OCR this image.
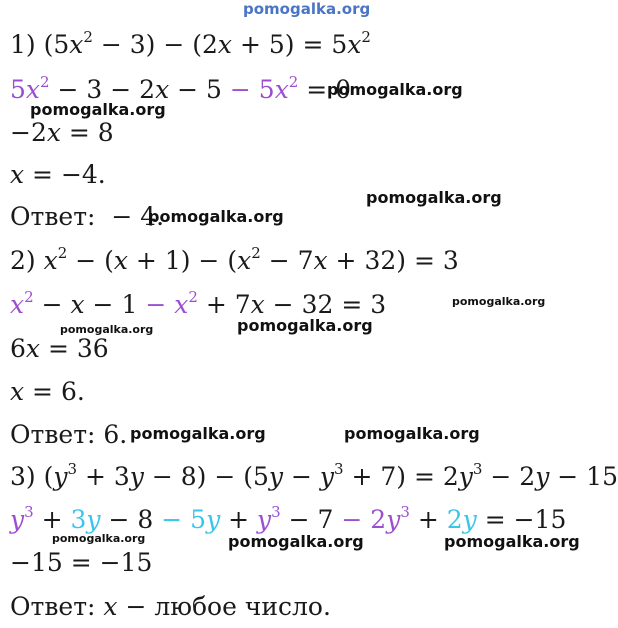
pomogalka.org
1) $(5x^2 - 3) - (2x + 5) = 5x^2$
$5x^2 - 3 - 2x - 5 - 5x^2 = 0$
−2x = 8
x = −4.
Ответ:  − 4.
2) $x^2 - (x + 1) - (x^2 - 7x + 32) = 3$
$x^2 - x - 1 - x^2 + 7x - 32 = 3$
6x = 36
x = 6.
Ответ: 6.
3) $(y^3 + 3y - 8) - (5y - y^3 + 7) = 2y^3 - 2y - 15$
$y^3 + 3y - 8 - 5y + y^3 - 7 - 2y^3 + 2y = -15$
−15 = −15
Ответ: x − любое число.
pomogalka.org
pomogalka.org
pomogalka.org
pomogalka.org
pomogalka.org
pomogalka.org
pomogalka.org
pomogalka.org	pomogalka.org
pomogalka.org	pomogalka.org	pomogalka.org
